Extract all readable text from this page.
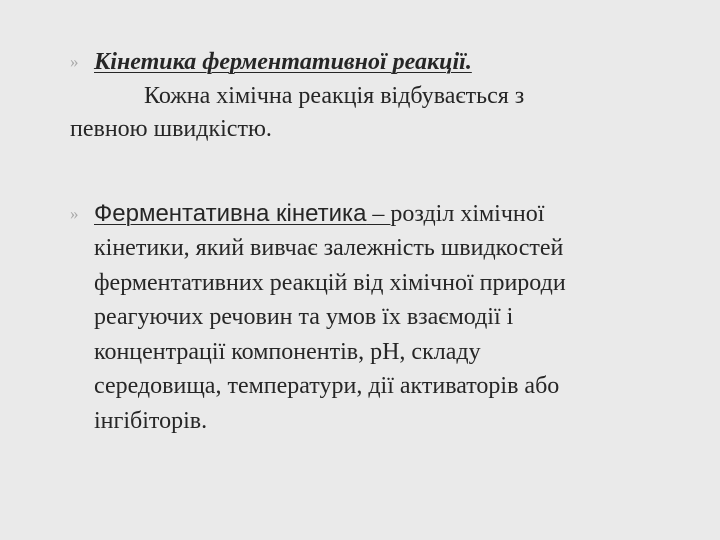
» Кінетика ферментативної реакції.
Кожна хімічна реакція відбувається з
певною швидкістю.
» Ферментативна кінетика – розділ хімічної
кінетики, який вивчає залежність швидкостей
ферментативних реакцій від хімічної природи
реагуючих речовин та умов їх взаємодії і
концентрації компонентів, рН, складу
середовища, температури, дії активаторів або
інгібіторів.
